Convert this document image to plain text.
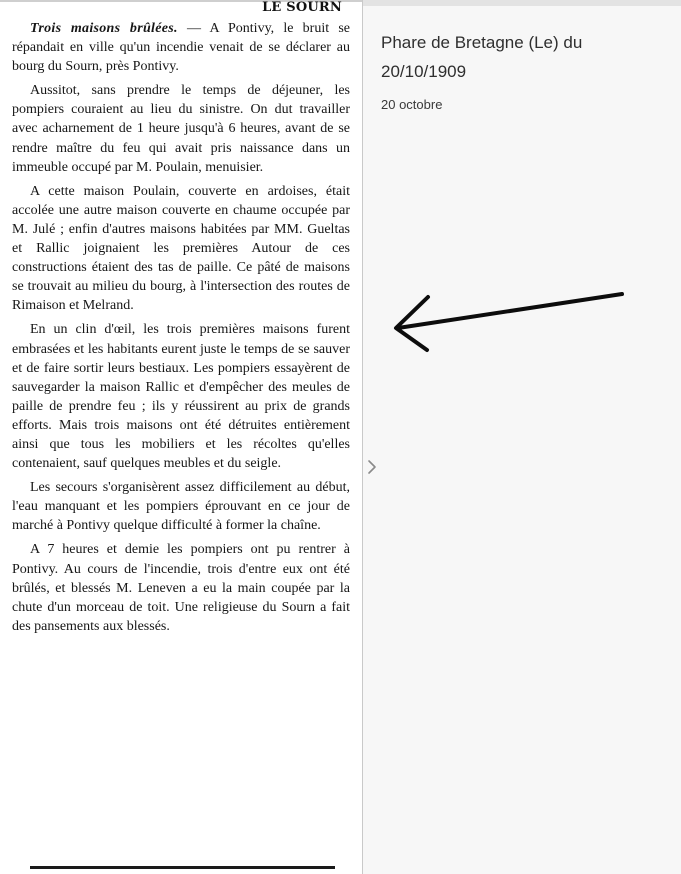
LE SOURN

Trois maisons brûlées. — A Pontivy, le bruit se répandait en ville qu'un incendie venait de se déclarer au bourg du Sourn, près Pontivy.

Aussitot, sans prendre le temps de déjeuner, les pompiers couraient au lieu du sinistre. On dut travailler avec acharnement de 1 heure jusqu'à 6 heures, avant de se rendre maître du feu qui avait pris naissance dans un immeuble occupé par M. Poulain, menuisier.

A cette maison Poulain, couverte en ardoises, était accolée une autre maison couverte en chaume occupée par M. Julé ; enfin d'autres maisons habitées par MM. Gueltas et Rallic joignaient les premières Autour de ces constructions étaient des tas de paille. Ce pâté de maisons se trouvait au milieu du bourg, à l'intersection des routes de Rimaison et Melrand.

En un clin d'œil, les trois premières maisons furent embrasées et les habitants eurent juste le temps de se sauver et de faire sortir leurs bestiaux. Les pompiers essayèrent de sauvegarder la maison Rallic et d'empêcher des meules de paille de prendre feu ; ils y réussirent au prix de grands efforts. Mais trois maisons ont été détruites entièrement ainsi que tous les mobiliers et les récoltes qu'elles contenaient, sauf quelques meubles et du seigle.

Les secours s'organisèrent assez difficilement au début, l'eau manquant et les pompiers éprouvant en ce jour de marché à Pontivy quelque difficulté à former la chaîne.

A 7 heures et demie les pompiers ont pu rentrer à Pontivy. Au cours de l'incendie, trois d'entre eux ont été brûlés, et blessés M. Leneven a eu la main coupée par la chute d'un morceau de toit. Une religieuse du Sourn a fait des pansements aux blessés.

Phare de Bretagne (Le) du 20/10/1909
20 octobre
